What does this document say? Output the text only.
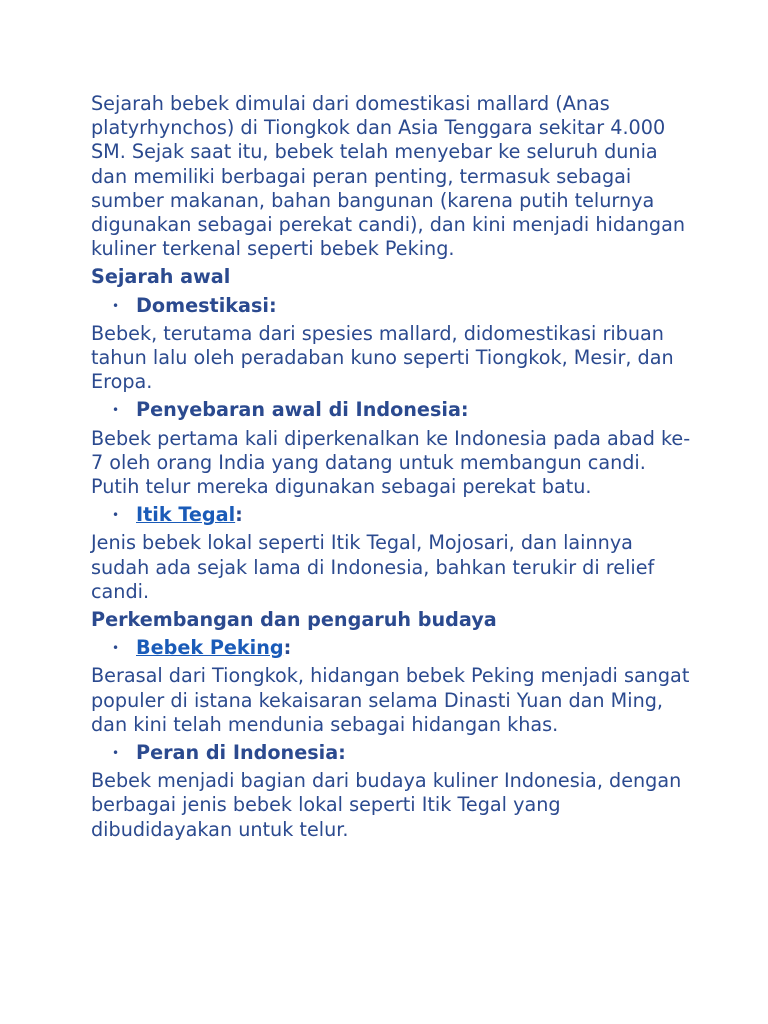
Sejarah bebek dimulai dari domestikasi mallard (Anas platyrhynchos) di Tiongkok dan Asia Tenggara sekitar 4.000 SM. Sejak saat itu, bebek telah menyebar ke seluruh dunia dan memiliki berbagai peran penting, termasuk sebagai sumber makanan, bahan bangunan (karena putih telurnya digunakan sebagai perekat candi), dan kini menjadi hidangan kuliner terkenal seperti bebek Peking.

Sejarah awal
• Domestikasi:

Bebek, terutama dari spesies mallard, didomestikasi ribuan tahun lalu oleh peradaban kuno seperti Tiongkok, Mesir, dan Eropa.

• Penyebaran awal di Indonesia:

Bebek pertama kali diperkenalkan ke Indonesia pada abad ke-7 oleh orang India yang datang untuk membangun candi. Putih telur mereka digunakan sebagai perekat batu.

• Itik Tegal:

Jenis bebek lokal seperti Itik Tegal, Mojosari, dan lainnya sudah ada sejak lama di Indonesia, bahkan terukir di relief candi.

Perkembangan dan pengaruh budaya
• Bebek Peking:

Berasal dari Tiongkok, hidangan bebek Peking menjadi sangat populer di istana kekaisaran selama Dinasti Yuan dan Ming, dan kini telah mendunia sebagai hidangan khas.

• Peran di Indonesia:

Bebek menjadi bagian dari budaya kuliner Indonesia, dengan berbagai jenis bebek lokal seperti Itik Tegal yang dibudidayakan untuk telur.
